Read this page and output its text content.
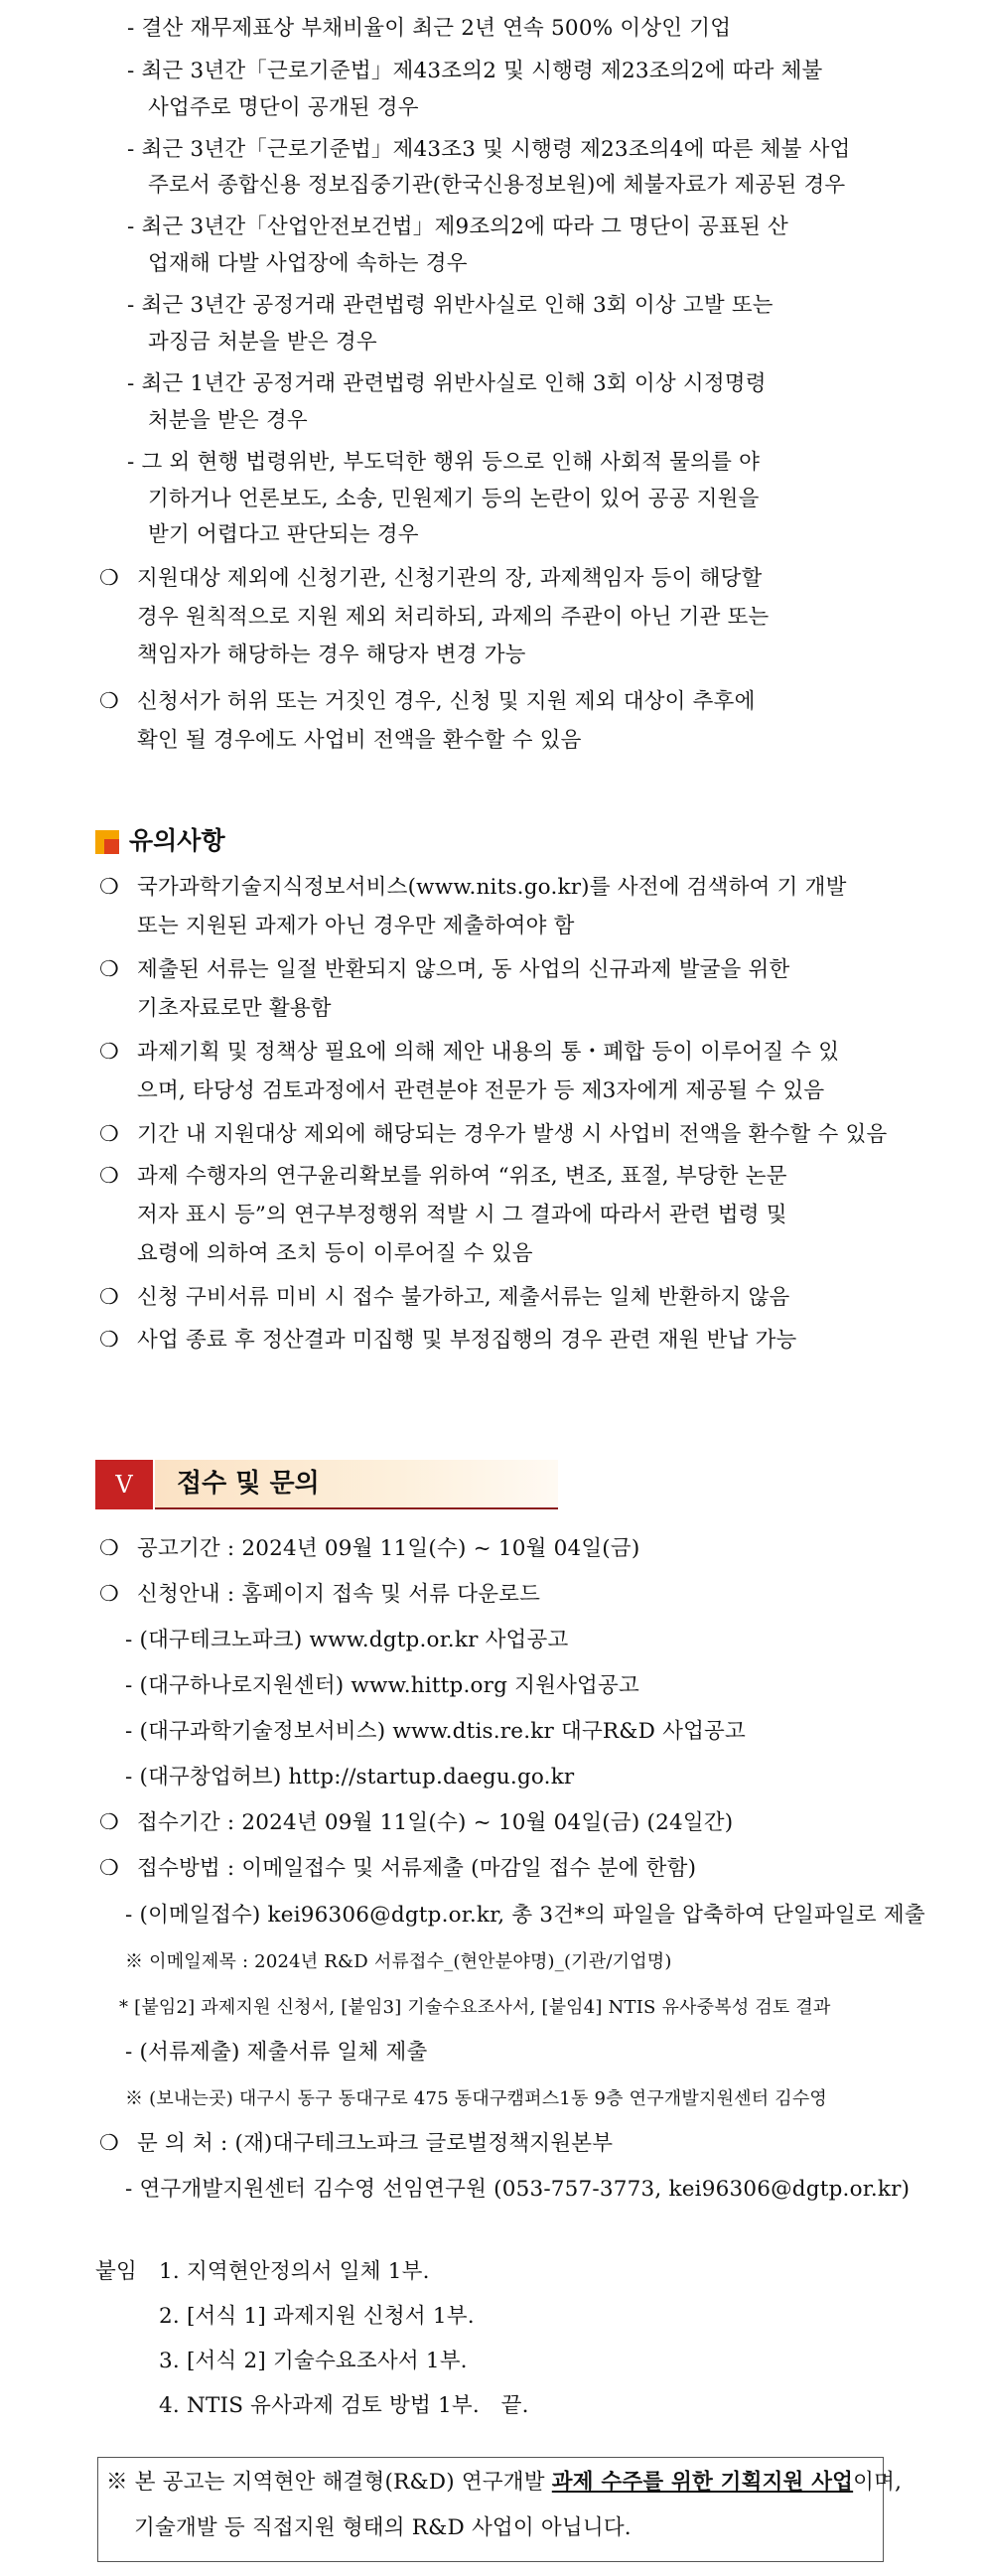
- 결산 재무제표상 부채비율이 최근 2년 연속 500% 이상인 기업
- 최근 3년간「근로기준법」제43조의2 및 시행령 제23조의2에 따라 체불
사업주로 명단이 공개된 경우
- 최근 3년간「근로기준법」제43조3 및 시행령 제23조의4에 따른 체불 사업
주로서 종합신용 정보집중기관(한국신용정보원)에 체불자료가 제공된 경우
- 최근 3년간「산업안전보건법」제9조의2에 따라 그 명단이 공표된 산
업재해 다발 사업장에 속하는 경우
- 최근 3년간 공정거래 관련법령 위반사실로 인해 3회 이상 고발 또는
과징금 처분을 받은 경우
- 최근 1년간 공정거래 관련법령 위반사실로 인해 3회 이상 시정명령
처분을 받은 경우
- 그 외 현행 법령위반, 부도덕한 행위 등으로 인해 사회적 물의를 야
기하거나 언론보도, 소송, 민원제기 등의 논란이 있어 공공 지원을
받기 어렵다고 판단되는 경우
❍ 지원대상 제외에 신청기관, 신청기관의 장, 과제책임자 등이 해당할
경우 원칙적으로 지원 제외 처리하되, 과제의 주관이 아닌 기관 또는
책임자가 해당하는 경우 해당자 변경 가능
❍ 신청서가 허위 또는 거짓인 경우, 신청 및 지원 제외 대상이 추후에
확인 될 경우에도 사업비 전액을 환수할 수 있음
유의사항
❍ 국가과학기술지식정보서비스(www.nits.go.kr)를 사전에 검색하여 기 개발
또는 지원된 과제가 아닌 경우만 제출하여야 함
❍ 제출된 서류는 일절 반환되지 않으며, 동 사업의 신규과제 발굴을 위한
기초자료로만 활용함
❍ 과제기획 및 정책상 필요에 의해 제안 내용의 통・폐합 등이 이루어질 수 있
으며, 타당성 검토과정에서 관련분야 전문가 등 제3자에게 제공될 수 있음
❍ 기간 내 지원대상 제외에 해당되는 경우가 발생 시 사업비 전액을 환수할 수 있음
❍ 과제 수행자의 연구윤리확보를 위하여 “위조, 변조, 표절, 부당한 논문
저자 표시 등”의 연구부정행위 적발 시 그 결과에 따라서 관련 법령 및
요령에 의하여 조치 등이 이루어질 수 있음
❍ 신청 구비서류 미비 시 접수 불가하고, 제출서류는 일체 반환하지 않음
❍ 사업 종료 후 정산결과 미집행 및 부정집행의 경우 관련 재원 반납 가능
V	접수 및 문의
❍ 공고기간 : 2024년 09월 11일(수) ~ 10월 04일(금)
❍ 신청안내 : 홈페이지 접속 및 서류 다운로드
- (대구테크노파크) www.dgtp.or.kr 사업공고
- (대구하나로지원센터) www.hittp.org 지원사업공고
- (대구과학기술정보서비스) www.dtis.re.kr 대구R&D 사업공고
- (대구창업허브) http://startup.daegu.go.kr
❍ 접수기간 : 2024년 09월 11일(수) ~ 10월 04일(금) (24일간)
❍ 접수방법 : 이메일접수 및 서류제출 (마감일 접수 분에 한함)
- (이메일접수) kei96306@dgtp.or.kr, 총 3건*의 파일을 압축하여 단일파일로 제출
※ 이메일제목 : 2024년 R&D 서류접수_(현안분야명)_(기관/기업명)
* [붙임2] 과제지원 신청서, [붙임3] 기술수요조사서, [붙임4] NTIS 유사중복성 검토 결과
- (서류제출) 제출서류 일체 제출
※ (보내는곳) 대구시 동구 동대구로 475 동대구캠퍼스1동 9층 연구개발지원센터 김수영
❍ 문 의 처 : (재)대구테크노파크 글로벌정책지원본부
- 연구개발지원센터 김수영 선임연구원 (053-757-3773, kei96306@dgtp.or.kr)
붙임 1. 지역현안정의서 일체 1부.
2. [서식 1] 과제지원 신청서 1부.
3. [서식 2] 기술수요조사서 1부.
4. NTIS 유사과제 검토 방법 1부.　끝.
※ 본 공고는 지역현안 해결형(R&D) 연구개발 과제 수주를 위한 기획지원 사업이며,
기술개발 등 직접지원 형태의 R&D 사업이 아닙니다.
